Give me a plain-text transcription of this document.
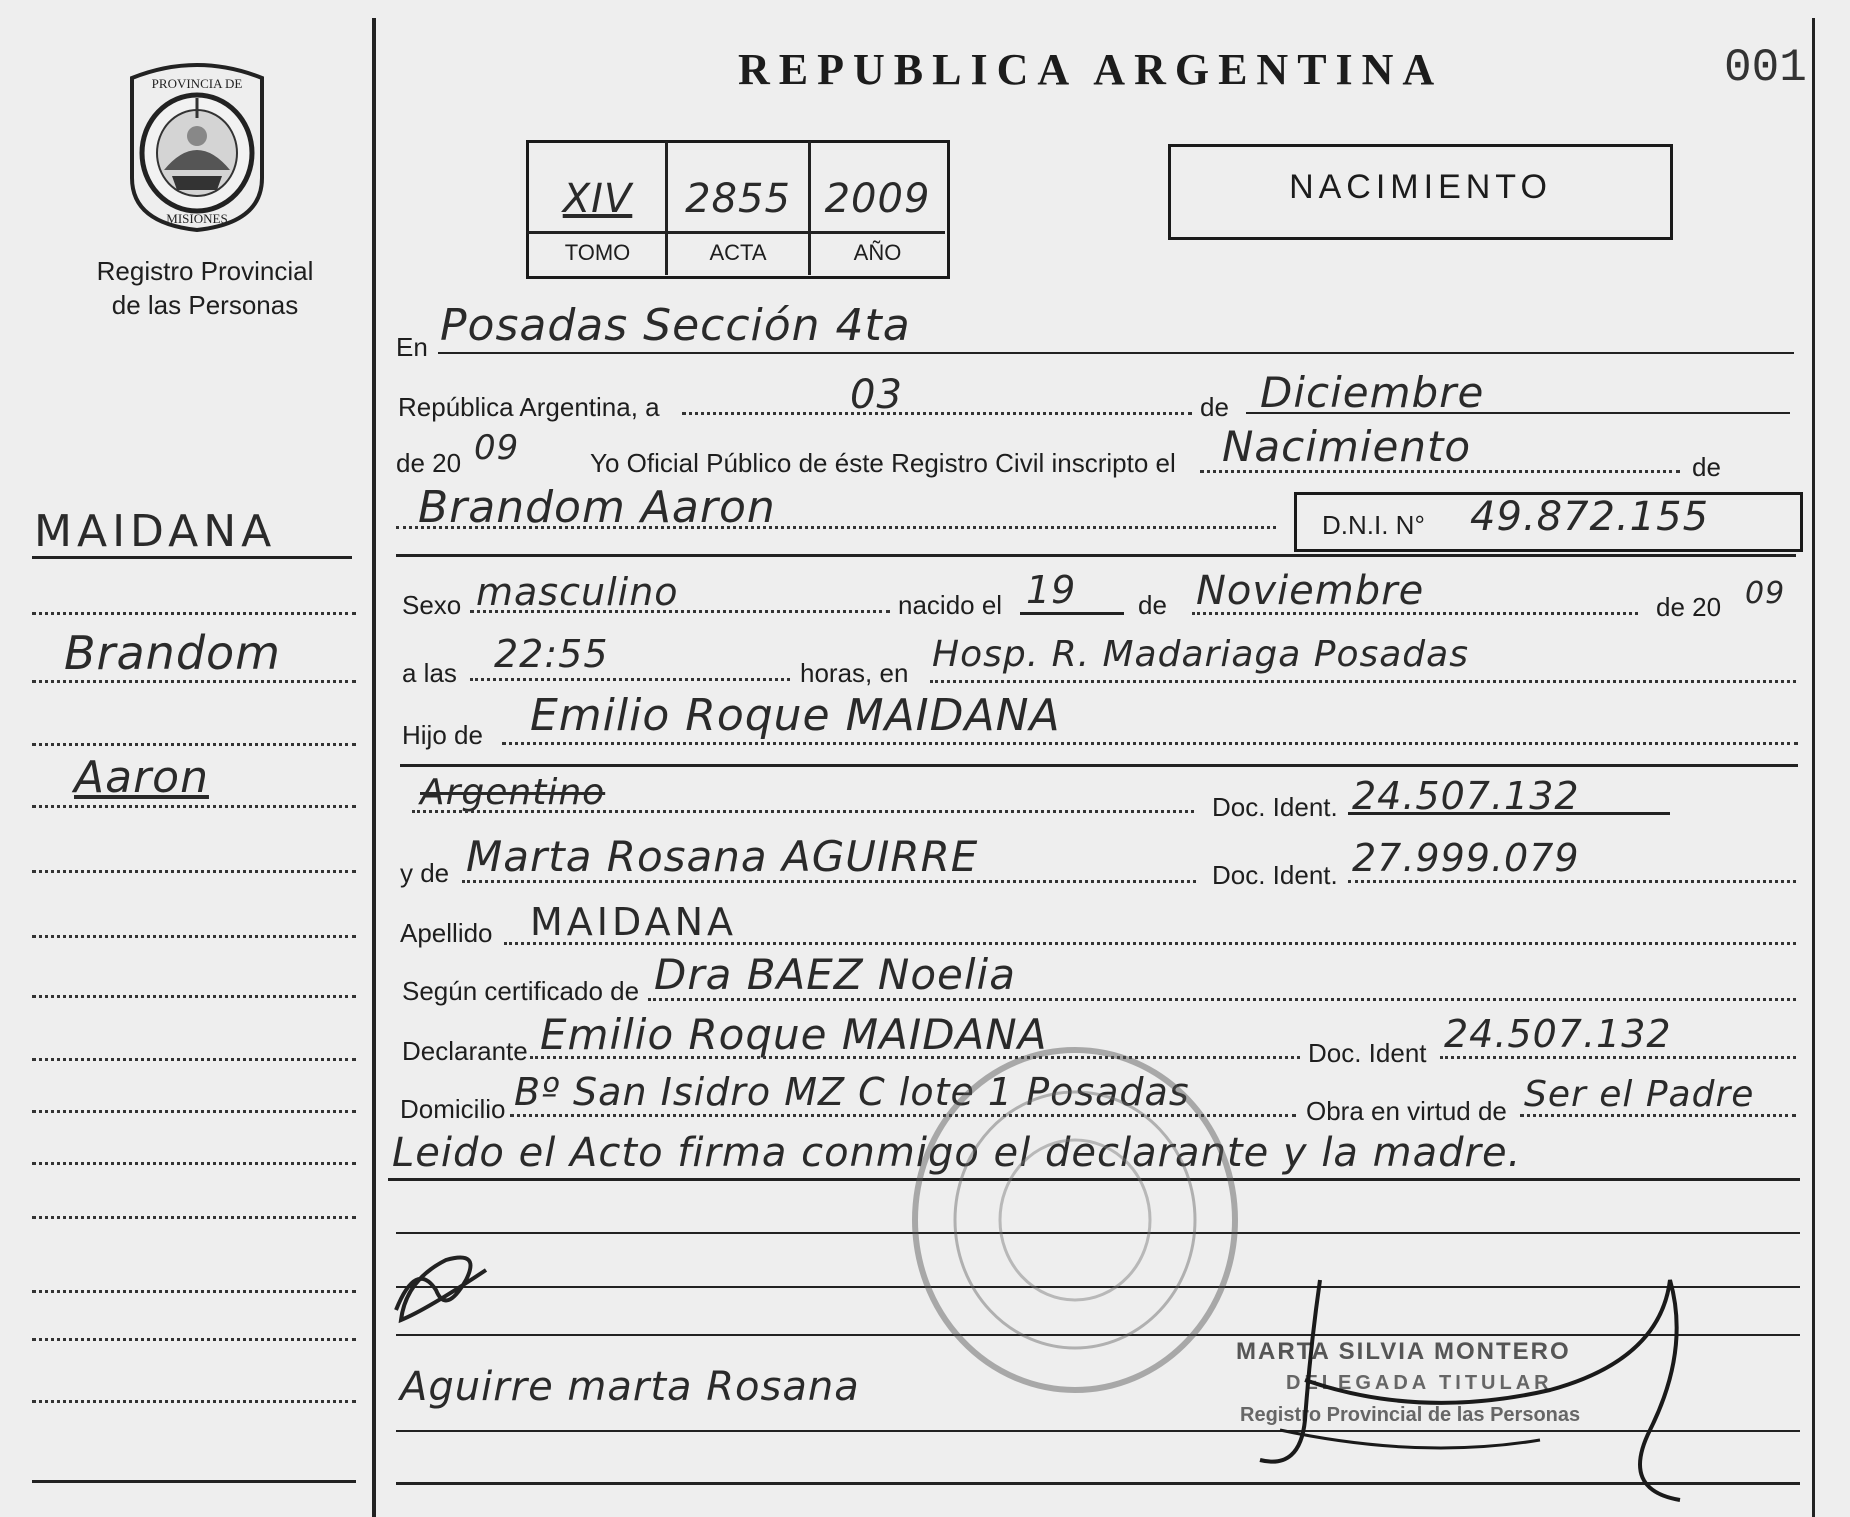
PROVINCIA DE
MISIONES
Registro Provincial
de las Personas
REPUBLICA ARGENTINA	001
XIV	2855 2009
TOMO	ACTA	AÑO
NACIMIENTO
MAIDANA
Brandom
Aaron
En Posadas Sección 4ta
República Argentina, a	03	de Diciembre
de 20 09	Yo Oficial Público de éste Registro Civil inscripto el Nacimiento	de
Brandom Aaron	D.N.I. N° 49.872.155
Sexo masculino	nacido el 19 de Noviembre	de 20 09
a las 22:55	horas, en Hosp. R. Madariaga Posadas
Hijo de Emilio Roque MAIDANA
Argentino	Doc. Ident. 24.507.132
y de Marta Rosana AGUIRRE	Doc. Ident. 27.999.079
Apellido MAIDANA
Según certificado de Dra BAEZ Noelia
Declarante Emilio Roque MAIDANA	Doc. Ident 24.507.132
Domicilio Bº San Isidro MZ C lote 1 Posadas	Obra en virtud de Ser el Padre
Leido el Acto firma conmigo el declarante y la madre.
Aguirre marta Rosana
MARTA SILVIA MONTERO
DELEGADA TITULAR
Registro Provincial de las Personas
